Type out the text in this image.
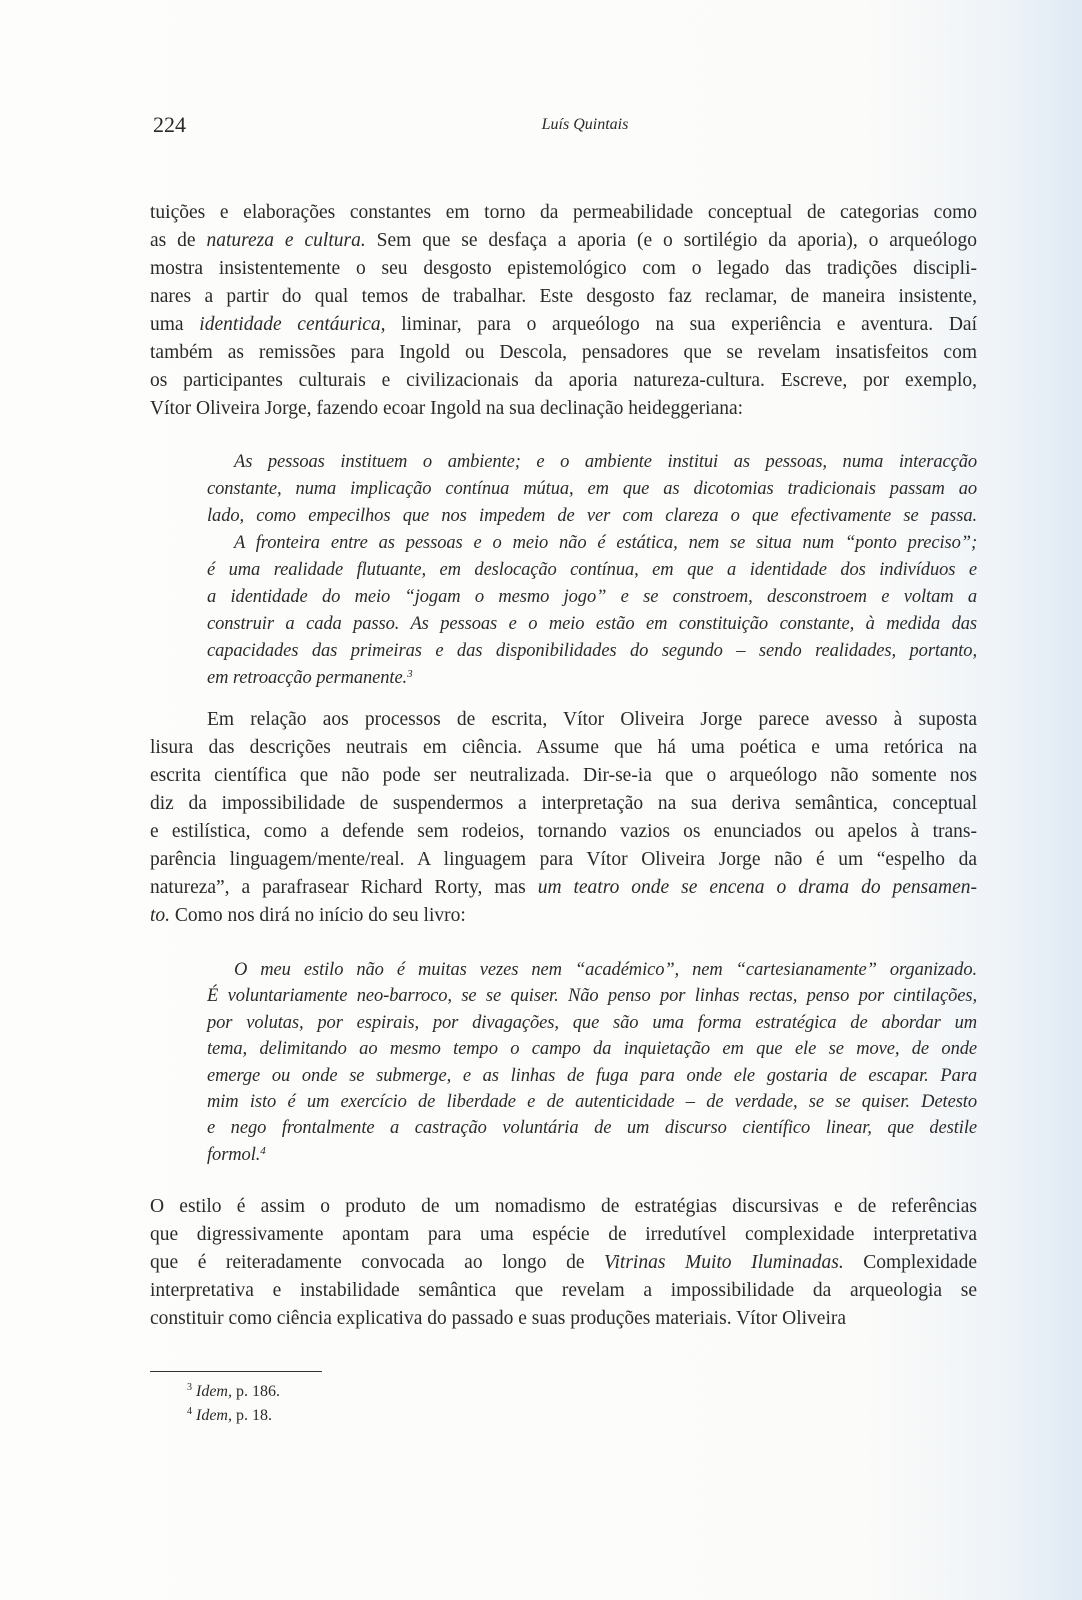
224	Luís Quintais
tuições e elaborações constantes em torno da permeabilidade conceptual de categorias como
as de natureza e cultura. Sem que se desfaça a aporia (e o sortilégio da aporia), o arqueólogo
mostra insistentemente o seu desgosto epistemológico com o legado das tradições discipli-
nares a partir do qual temos de trabalhar. Este desgosto faz reclamar, de maneira insistente,
uma identidade centáurica, liminar, para o arqueólogo na sua experiência e aventura. Daí
também as remissões para Ingold ou Descola, pensadores que se revelam insatisfeitos com
os participantes culturais e civilizacionais da aporia natureza-cultura. Escreve, por exemplo,
Vítor Oliveira Jorge, fazendo ecoar Ingold na sua declinação heideggeriana:
As pessoas instituem o ambiente; e o ambiente institui as pessoas, numa interacção
constante, numa implicação contínua mútua, em que as dicotomias tradicionais passam ao
lado, como empecilhos que nos impedem de ver com clareza o que efectivamente se passa.
A fronteira entre as pessoas e o meio não é estática, nem se situa num “ponto preciso”;
é uma realidade flutuante, em deslocação contínua, em que a identidade dos indivíduos e
a identidade do meio “jogam o mesmo jogo” e se constroem, desconstroem e voltam a
construir a cada passo. As pessoas e o meio estão em constituição constante, à medida das
capacidades das primeiras e das disponibilidades do segundo – sendo realidades, portanto,
em retroacção permanente.$^3$
Em relação aos processos de escrita, Vítor Oliveira Jorge parece avesso à suposta
lisura das descrições neutrais em ciência. Assume que há uma poética e uma retórica na
escrita científica que não pode ser neutralizada. Dir-se-ia que o arqueólogo não somente nos
diz da impossibilidade de suspendermos a interpretação na sua deriva semântica, conceptual
e estilística, como a defende sem rodeios, tornando vazios os enunciados ou apelos à trans-
parência linguagem/mente/real. A linguagem para Vítor Oliveira Jorge não é um “espelho da
natureza”, a parafrasear Richard Rorty, mas um teatro onde se encena o drama do pensamen-
to. Como nos dirá no início do seu livro:
O meu estilo não é muitas vezes nem “académico”, nem “cartesianamente” organizado.
É voluntariamente neo-barroco, se se quiser. Não penso por linhas rectas, penso por cintilações,
por volutas, por espirais, por divagações, que são uma forma estratégica de abordar um
tema, delimitando ao mesmo tempo o campo da inquietação em que ele se move, de onde
emerge ou onde se submerge, e as linhas de fuga para onde ele gostaria de escapar. Para
mim isto é um exercício de liberdade e de autenticidade – de verdade, se se quiser. Detesto
e nego frontalmente a castração voluntária de um discurso científico linear, que destile
formol.$^4$
O estilo é assim o produto de um nomadismo de estratégias discursivas e de referências
que digressivamente apontam para uma espécie de irredutível complexidade interpretativa
que é reiteradamente convocada ao longo de Vitrinas Muito Iluminadas. Complexidade
interpretativa e instabilidade semântica que revelam a impossibilidade da arqueologia se
constituir como ciência explicativa do passado e suas produções materiais. Vítor Oliveira
$^3$ Idem, p. 186.
$^4$ Idem, p. 18.
